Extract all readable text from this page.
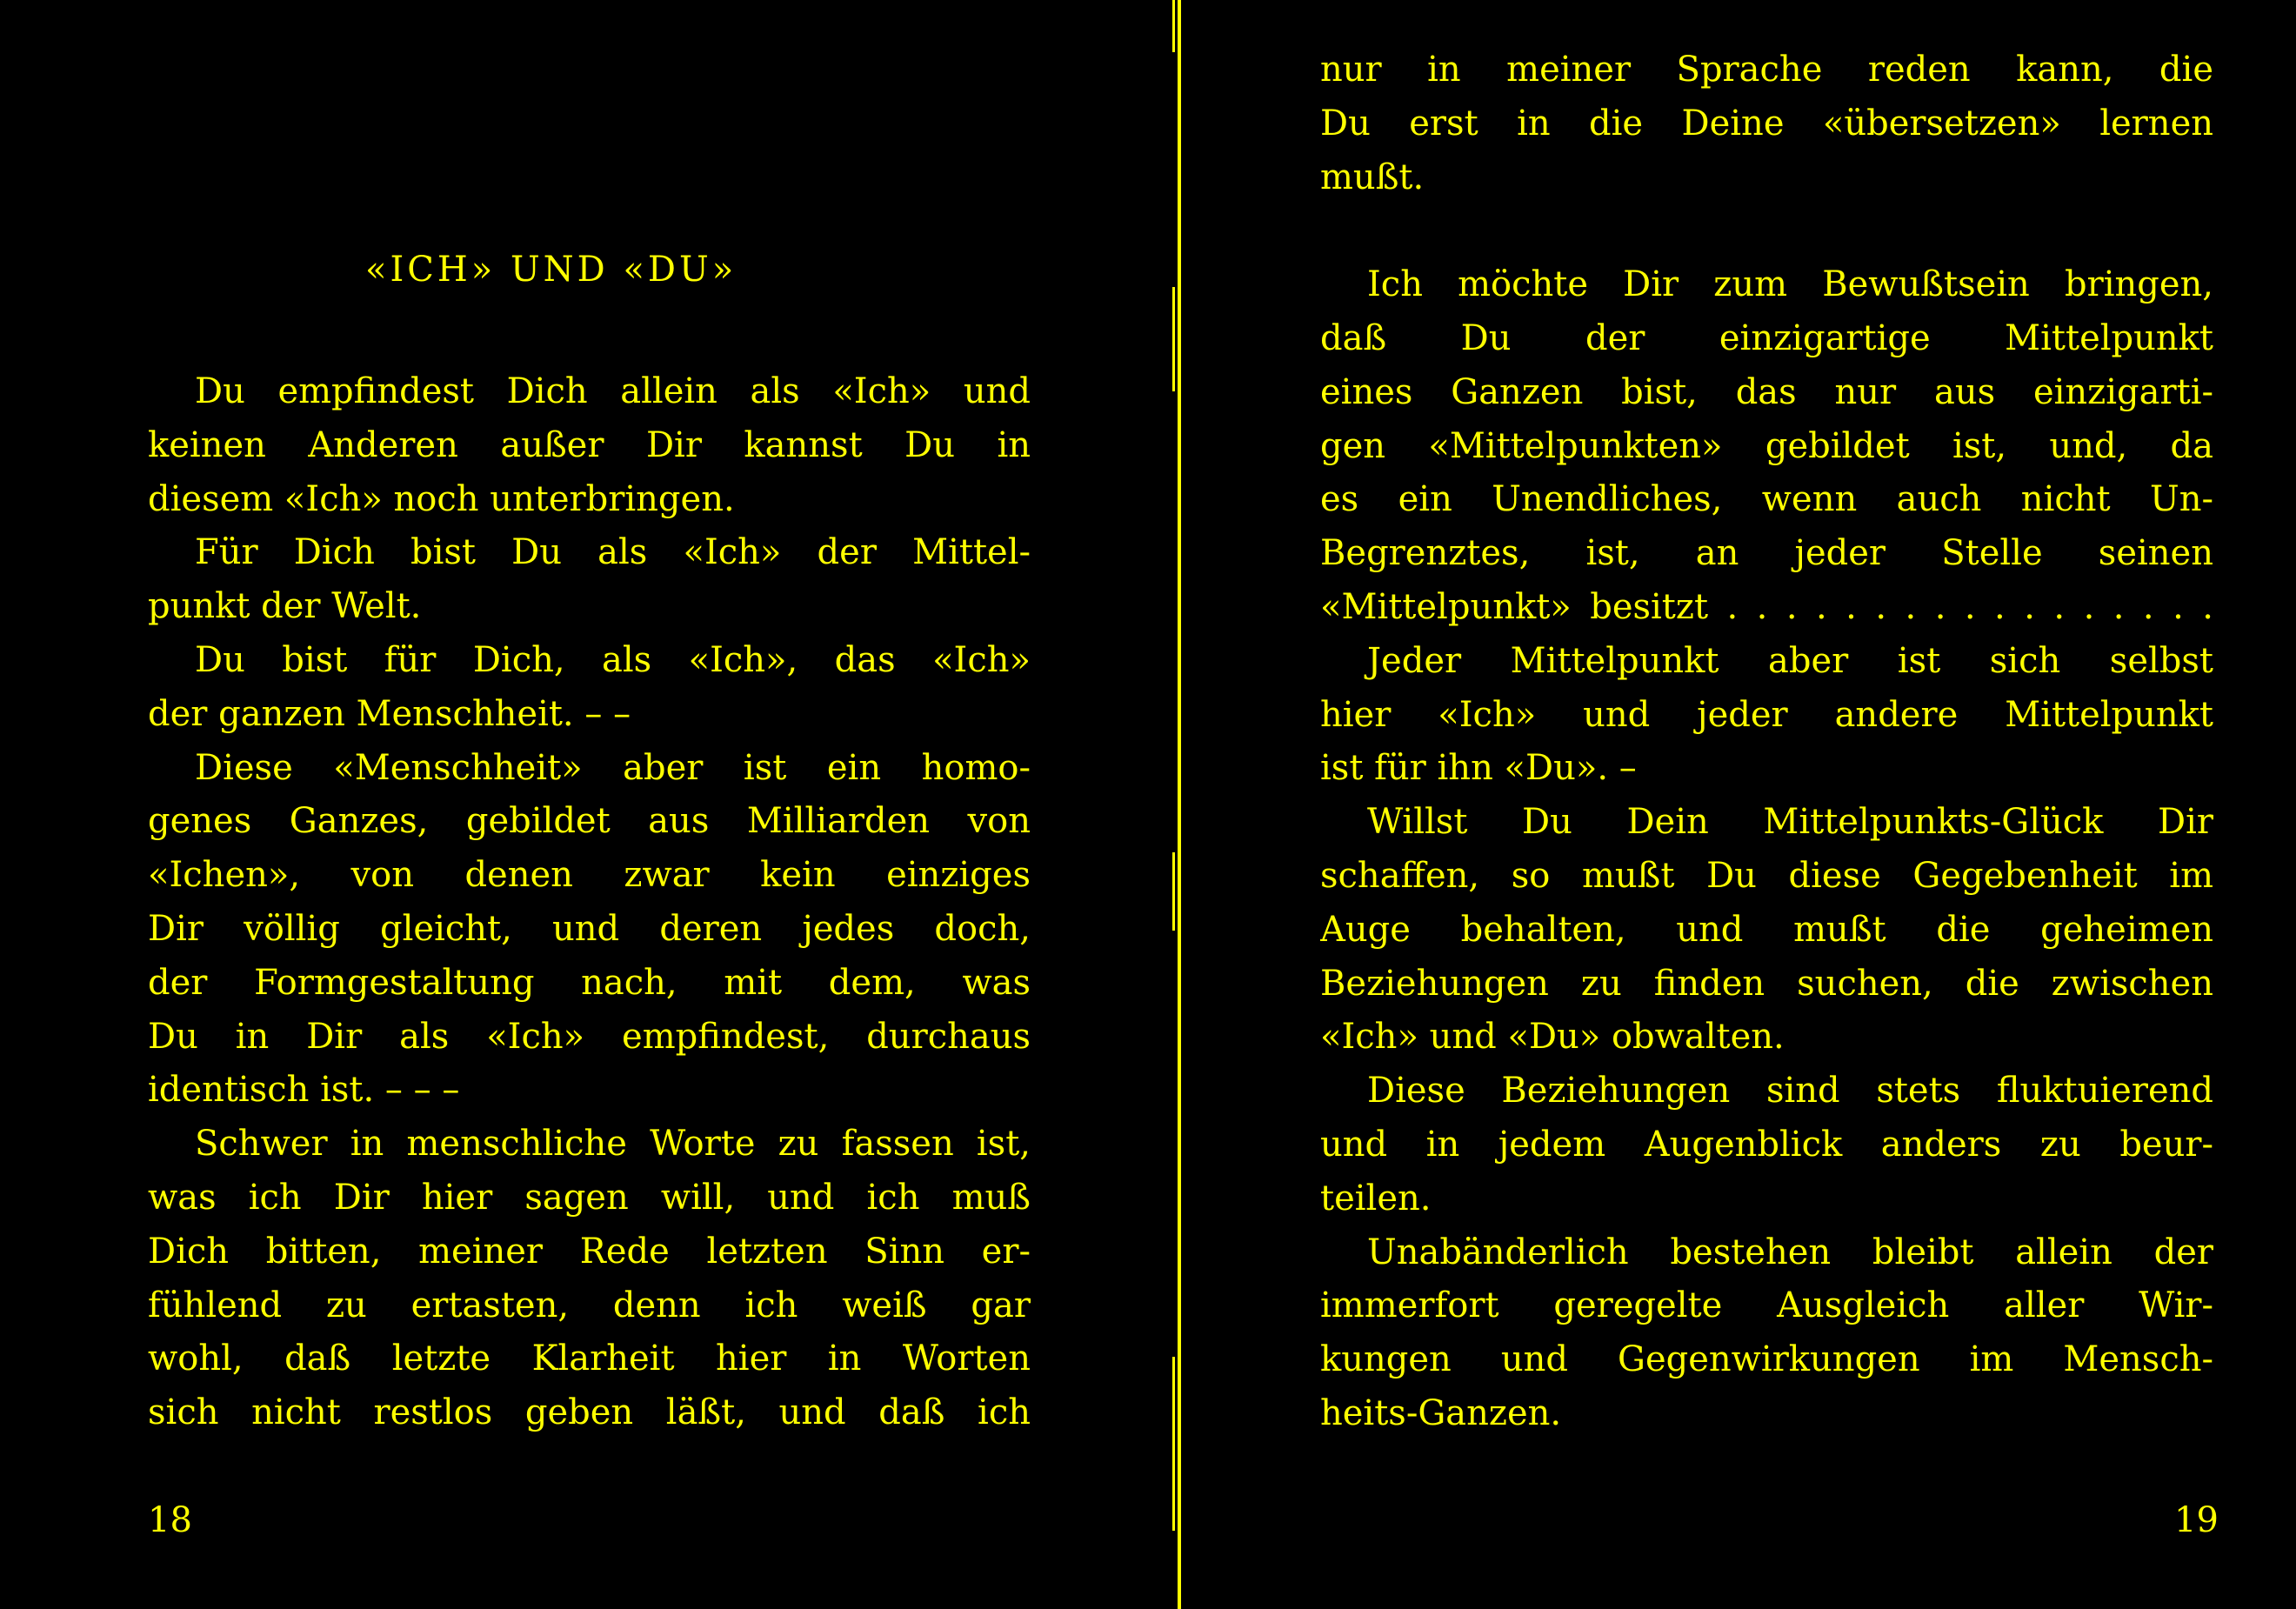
«ICH» UND «DU»
Du empfindest Dich allein als «Ich» und
keinen Anderen außer Dir kannst Du in
diesem «Ich» noch unterbringen.
Für Dich bist Du als «Ich» der Mittel-
punkt der Welt.
Du bist für Dich, als «Ich», das «Ich»
der ganzen Menschheit. – –
Diese «Menschheit» aber ist ein homo-
genes Ganzes, gebildet aus Milliarden von
«Ichen», von denen zwar kein einziges
Dir völlig gleicht, und deren jedes doch,
der Formgestaltung nach, mit dem, was
Du in Dir als «Ich» empfindest, durchaus
identisch ist. – – –
Schwer in menschliche Worte zu fassen ist,
was ich Dir hier sagen will, und ich muß
Dich bitten, meiner Rede letzten Sinn er-
fühlend zu ertasten, denn ich weiß gar
wohl, daß letzte Klarheit hier in Worten
sich nicht restlos geben läßt, und daß ich
18
nur in meiner Sprache reden kann, die
Du erst in die Deine «übersetzen» lernen
mußt.
Ich möchte Dir zum Bewußtsein bringen,
daß Du der einzigartige Mittelpunkt
eines Ganzen bist, das nur aus einzigarti-
gen «Mittelpunkten» gebildet ist, und, da
es ein Unendliches, wenn auch nicht Un-
Begrenztes, ist, an jeder Stelle seinen
«Mittelpunkt» besitzt . . . . . . . . . . . . . . . . .
Jeder Mittelpunkt aber ist sich selbst
hier «Ich» und jeder andere Mittelpunkt
ist für ihn «Du». –
Willst Du Dein Mittelpunkts-Glück Dir
schaffen, so mußt Du diese Gegebenheit im
Auge behalten, und mußt die geheimen
Beziehungen zu finden suchen, die zwischen
«Ich» und «Du» obwalten.
Diese Beziehungen sind stets fluktuierend
und in jedem Augenblick anders zu beur-
teilen.
Unabänderlich bestehen bleibt allein der
immerfort geregelte Ausgleich aller Wir-
kungen und Gegenwirkungen im Mensch-
heits-Ganzen.
19
